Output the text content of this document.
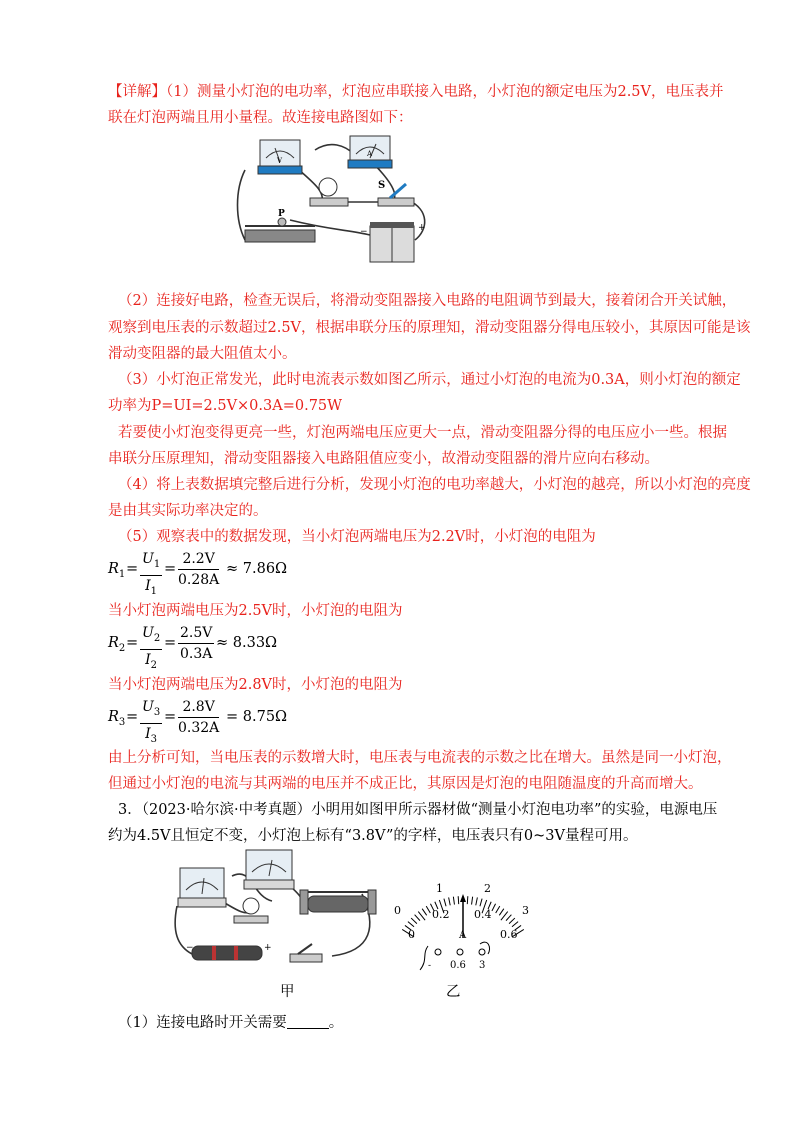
【详解】（1）测量小灯泡的电功率，灯泡应串联接入电路，小灯泡的额定电压为2.5V，电压表并
联在灯泡两端且用小量程。故连接电路图如下：
V
A
S
P
−	+
（2）连接好电路，检查无误后，将滑动变阻器接入电路的电阻调节到最大，接着闭合开关试触，
观察到电压表的示数超过2.5V，根据串联分压的原理知，滑动变阻器分得电压较小，其原因可能是该
滑动变阻器的最大阻值太小。
（3）小灯泡正常发光，此时电流表示数如图乙所示，通过小灯泡的电流为0.3A，则小灯泡的额定
功率为P=UI=2.5V×0.3A=0.75W
若要使小灯泡变得更亮一些，灯泡两端电压应更大一点，滑动变阻器分得的电压应小一些。根据
串联分压原理知，滑动变阻器接入电路阻值应变小，故滑动变阻器的滑片应向右移动。
（4）将上表数据填完整后进行分析，发现小灯泡的电功率越大，小灯泡的越亮，所以小灯泡的亮度
是由其实际功率决定的。
（5）观察表中的数据发现，当小灯泡两端电压为2.2V时，小灯泡的电阻为
$R_1 = \frac{U_1}{I_1} = \frac{2.2V}{0.28A} \approx 7.86\Omega$
当小灯泡两端电压为2.5V时，小灯泡的电阻为
$R_2 = \frac{U_2}{I_2} = \frac{2.5V}{0.3A} \approx 8.33\Omega$
当小灯泡两端电压为2.8V时，小灯泡的电阻为
$R_3 = \frac{U_3}{I_3} = \frac{2.8V}{0.32A} = 8.75\Omega$
由上分析可知，当电压表的示数增大时，电压表与电流表的示数之比在增大。虽然是同一小灯泡，
但通过小灯泡的电流与其两端的电压并不成正比，其原因是灯泡的电阻随温度的升高而增大。
3．（2023·哈尔滨·中考真题）小明用如图甲所示器材做“测量小灯泡电功率”的实验，电源电压
约为4.5V且恒定不变，小灯泡上标有“3.8V”的字样，电压表只有0~3V量程可用。
−	+
甲
0
1	2
3
0
0.2 0.4
0.6
A
- 0.6 3
乙
（1）连接电路时开关需要	。
